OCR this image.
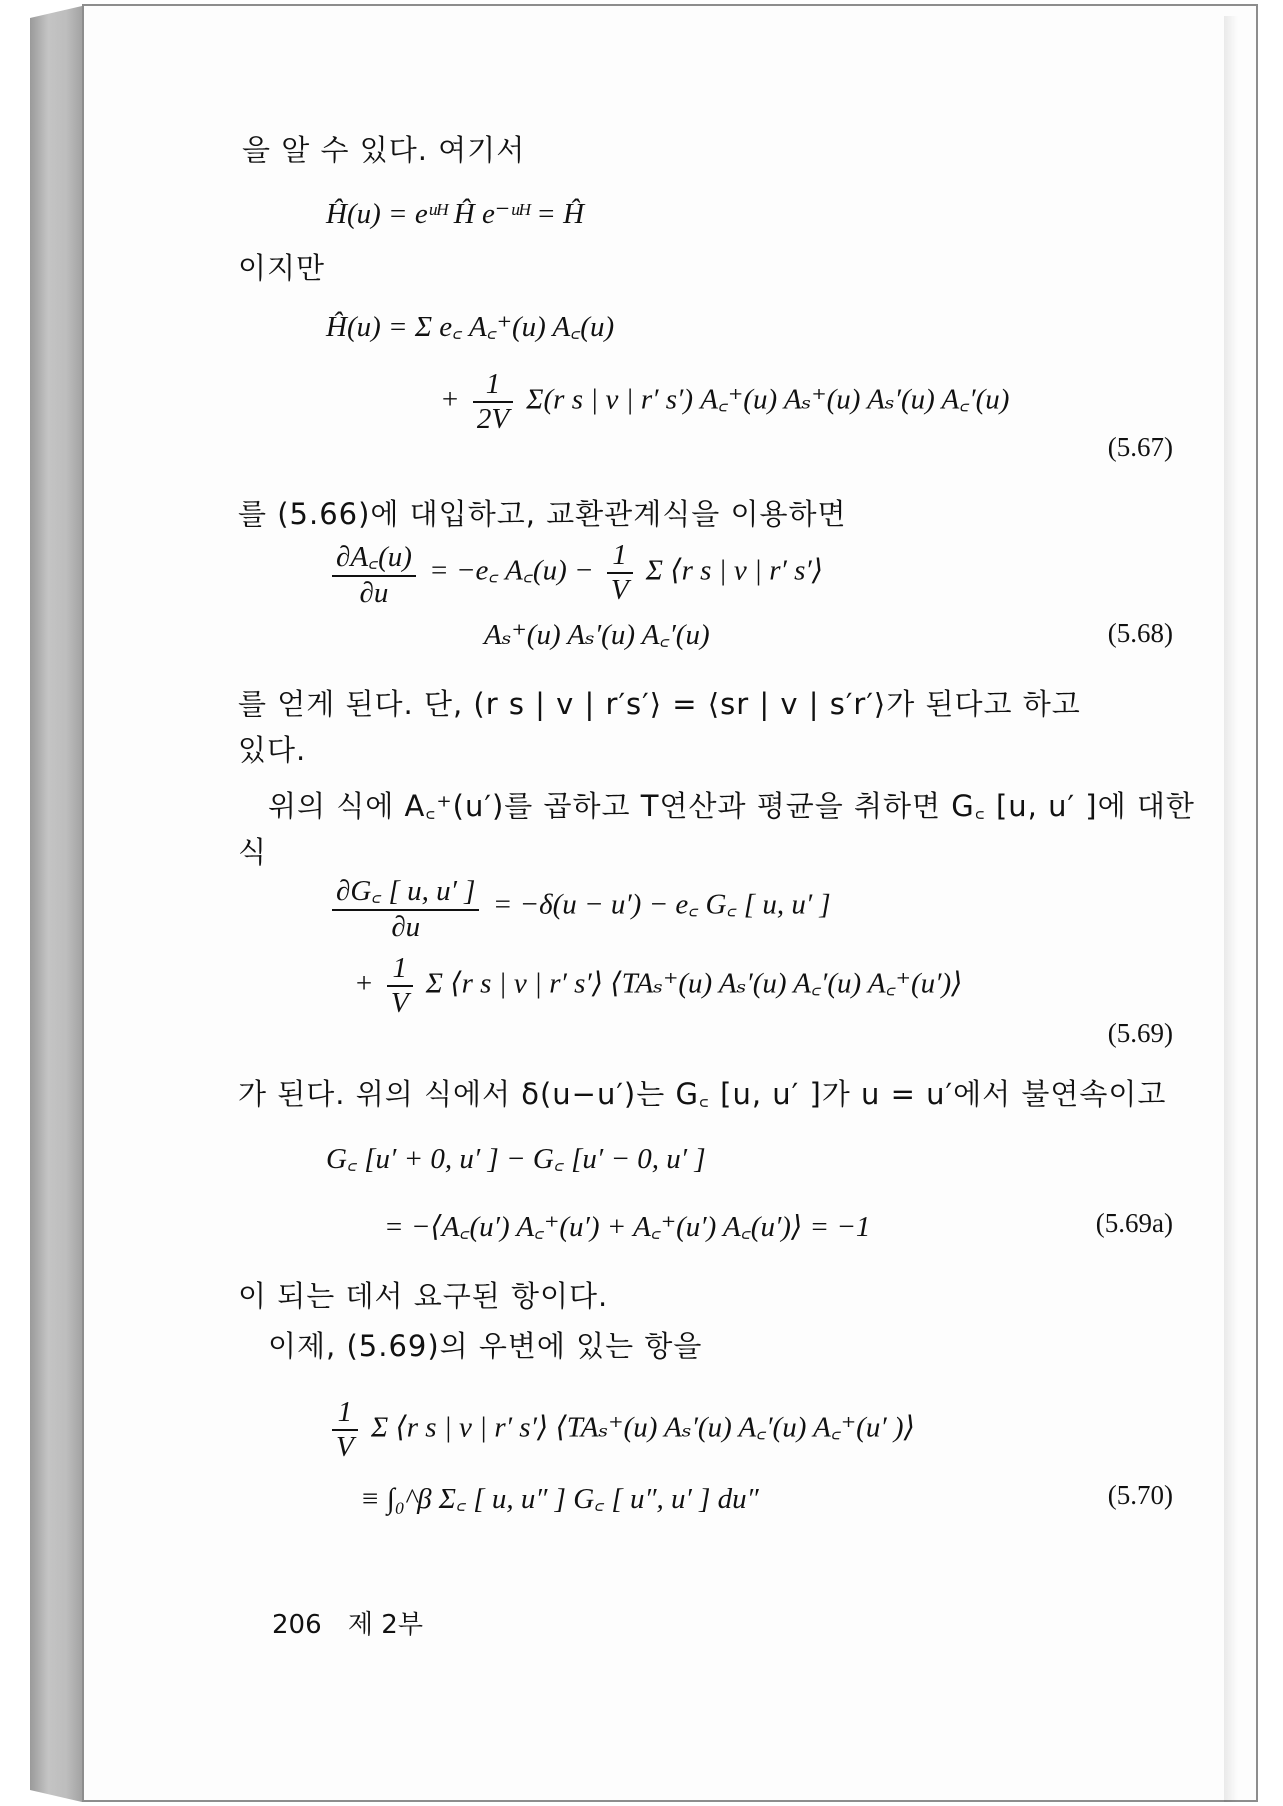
을 알 수 있다. 여기서
Ĥ(u) = eᵘᴴ Ĥ e⁻ᵘᴴ = Ĥ
이지만
Ĥ(u) = Σ e꜀ A꜀⁺(u) A꜀(u)
+ $\frac{1}{2V} \Sigma(r$ s | v | r′ s′) A꜀⁺(u) Aₛ⁺(u) Aₛ′(u) A꜀′(u)
(5.67)
를 (5.66)에 대입하고, 교환관계식을 이용하면
$\frac{\partial A꜀(u)}{\partial u}$ = −e꜀ A꜀(u) − $\frac{1}{V}$ Σ ⟨r s | v | r′ s′⟩
Aₛ⁺(u) Aₛ′(u) A꜀′(u)	(5.68)
를 얻게 된다. 단, (r s | v | r′s′⟩ = ⟨sr | v | s′r′⟩가 된다고 하고
있다.
위의 식에 A꜀⁺(u′)를 곱하고 T연산과 평균을 취하면 G꜀ [u, u′ ]에 대한
식
$\frac{\partial G꜀ [ u, u' ]}{\partial u} = -\delta(u - u')$ − e꜀ G꜀ [ u, u′ ]
+ $\frac{1}{V}$ Σ ⟨r s | v | r′ s′⟩ ⟨TAₛ⁺(u) Aₛ′(u) A꜀′(u) A꜀⁺(u′)⟩
(5.69)
가 된다. 위의 식에서 δ(u−u′)는 G꜀ [u, u′ ]가 u = u′에서 불연속이고
G꜀ [u′ + 0, u′ ] − G꜀ [u′ − 0, u′ ]
= −⟨A꜀(u′) A꜀⁺(u′) + A꜀⁺(u′) A꜀(u′)⟩ = −1	(5.69a)
이 되는 데서 요구된 항이다.
이제, (5.69)의 우변에 있는 항을
$\frac{1}{V}$ Σ ⟨r s | v | r′ s′⟩ ⟨TAₛ⁺(u) Aₛ′(u) A꜀′(u) A꜀⁺(u′ )⟩
≡ ∫₀^β Σ꜀ [ u, u″ ] G꜀ [ u″, u′ ] du″	(5.70)
206 제 2부
